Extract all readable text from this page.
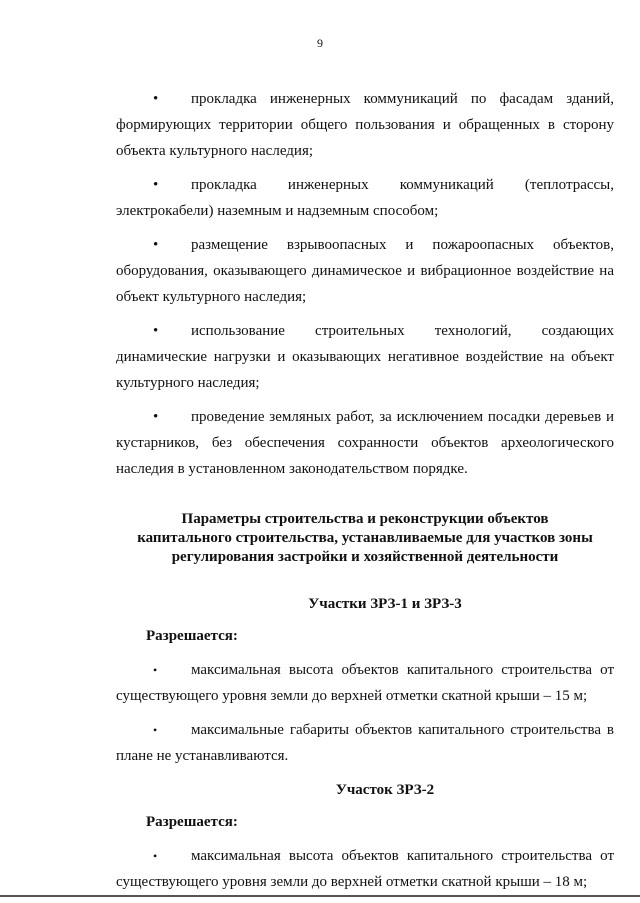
9

• прокладка инженерных коммуникаций по фасадам зданий, формирующих территории общего пользования и обращенных в сторону объекта культурного наследия;

• прокладка инженерных коммуникаций (теплотрассы, электрокабели) наземным и надземным способом;

• размещение взрывоопасных и пожароопасных объектов, оборудования, оказывающего динамическое и вибрационное воздействие на объект культурного наследия;

• использование строительных технологий, создающих динамические нагрузки и оказывающих негативное воздействие на объект культурного наследия;

• проведение земляных работ, за исключением посадки деревьев и кустарников, без обеспечения сохранности объектов археологического наследия в установленном законодательством порядке.

Параметры строительства и реконструкции объектов
капитального строительства, устанавливаемые для участков зоны
регулирования застройки и хозяйственной деятельности
Участки ЗРЗ-1 и ЗРЗ-3
Разрешается:

• максимальная высота объектов капитального строительства от существующего уровня земли до верхней отметки скатной крыши – 15 м;

• максимальные габариты объектов капитального строительства в плане не устанавливаются.

Участок ЗРЗ-2
Разрешается:

• максимальная высота объектов капитального строительства от существующего уровня земли до верхней отметки скатной крыши – 18 м;
